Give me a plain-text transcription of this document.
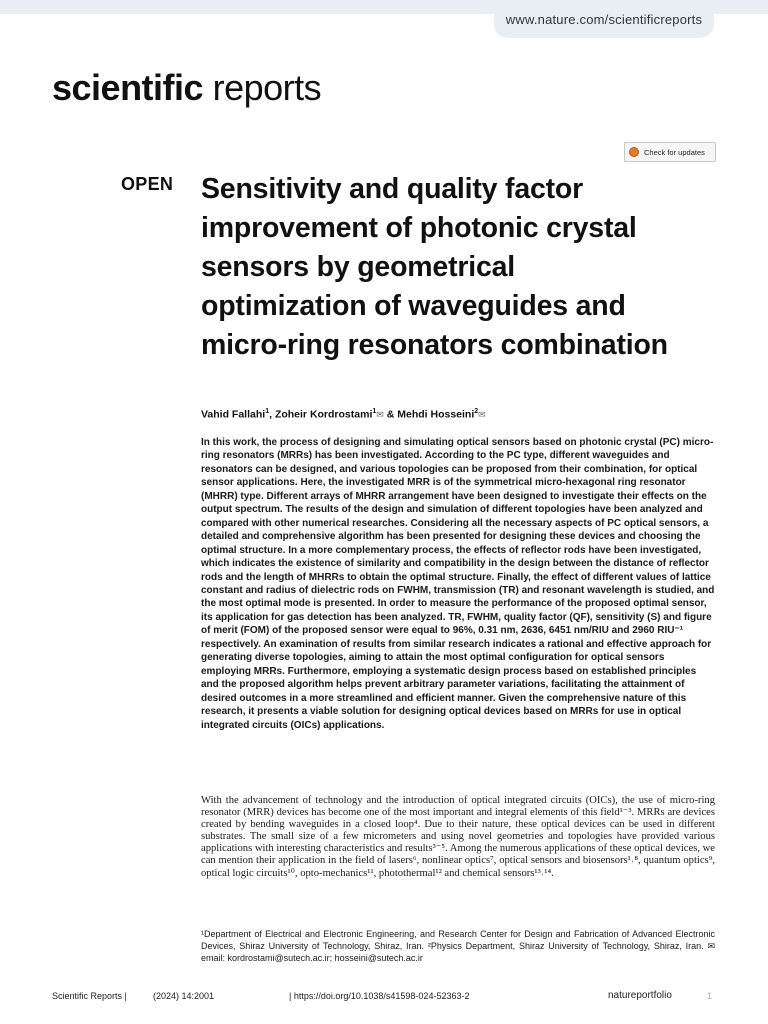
www.nature.com/scientificreports
scientific reports
Check for updates
OPEN Sensitivity and quality factor improvement of photonic crystal sensors by geometrical optimization of waveguides and micro-ring resonators combination
Vahid Fallahi$^1$, Zoheir Kordrostami$^1$✉ & Mehdi Hosseini$^2$✉
In this work, the process of designing and simulating optical sensors based on photonic crystal (PC) micro-ring resonators (MRRs) has been investigated. According to the PC type, different waveguides and resonators can be designed, and various topologies can be proposed from their combination, for optical sensor applications. Here, the investigated MRR is of the symmetrical micro-hexagonal ring resonator (MHRR) type. Different arrays of MHRR arrangement have been designed to investigate their effects on the output spectrum. The results of the design and simulation of different topologies have been analyzed and compared with other numerical researches. Considering all the necessary aspects of PC optical sensors, a detailed and comprehensive algorithm has been presented for designing these devices and choosing the optimal structure. In a more complementary process, the effects of reflector rods have been investigated, which indicates the existence of similarity and compatibility in the design between the distance of reflector rods and the length of MHRRs to obtain the optimal structure. Finally, the effect of different values of lattice constant and radius of dielectric rods on FWHM, transmission (TR) and resonant wavelength is studied, and the most optimal mode is presented. In order to measure the performance of the proposed optimal sensor, its application for gas detection has been analyzed. TR, FWHM, quality factor (QF), sensitivity (S) and figure of merit (FOM) of the proposed sensor were equal to 96%, 0.31 nm, 2636, 6451 nm/RIU and 2960 RIU⁻¹ respectively. An examination of results from similar research indicates a rational and effective approach for generating diverse topologies, aiming to attain the most optimal configuration for optical sensors employing MRRs. Furthermore, employing a systematic design process based on established principles and the proposed algorithm helps prevent arbitrary parameter variations, facilitating the attainment of desired outcomes in a more streamlined and efficient manner. Given the comprehensive nature of this research, it presents a viable solution for designing optical devices based on MRRs for use in optical integrated circuits (OICs) applications.
With the advancement of technology and the introduction of optical integrated circuits (OICs), the use of micro-ring resonator (MRR) devices has become one of the most important and integral elements of this field¹⁻³. MRRs are devices created by bending waveguides in a closed loop⁴. Due to their nature, these optical devices can be used in different substrates. The small size of a few micrometers and using novel geometries and topologies have provided various applications with interesting characteristics and results³⁻⁵. Among the numerous applications of these optical devices, we can mention their application in the field of lasers⁶, nonlinear optics⁷, optical sensors and biosensors¹˒⁸, quantum optics⁹, optical logic circuits¹⁰, opto-mechanics¹¹, photothermal¹² and chemical sensors¹³˒¹⁴.
¹Department of Electrical and Electronic Engineering, and Research Center for Design and Fabrication of Advanced Electronic Devices, Shiraz University of Technology, Shiraz, Iran. ²Physics Department, Shiraz University of Technology, Shiraz, Iran. ✉email: kordrostami@sutech.ac.ir; hosseini@sutech.ac.ir
Scientific Reports |	(2024) 14:2001	| https://doi.org/10.1038/s41598-024-52363-2	natureportfolio	1
